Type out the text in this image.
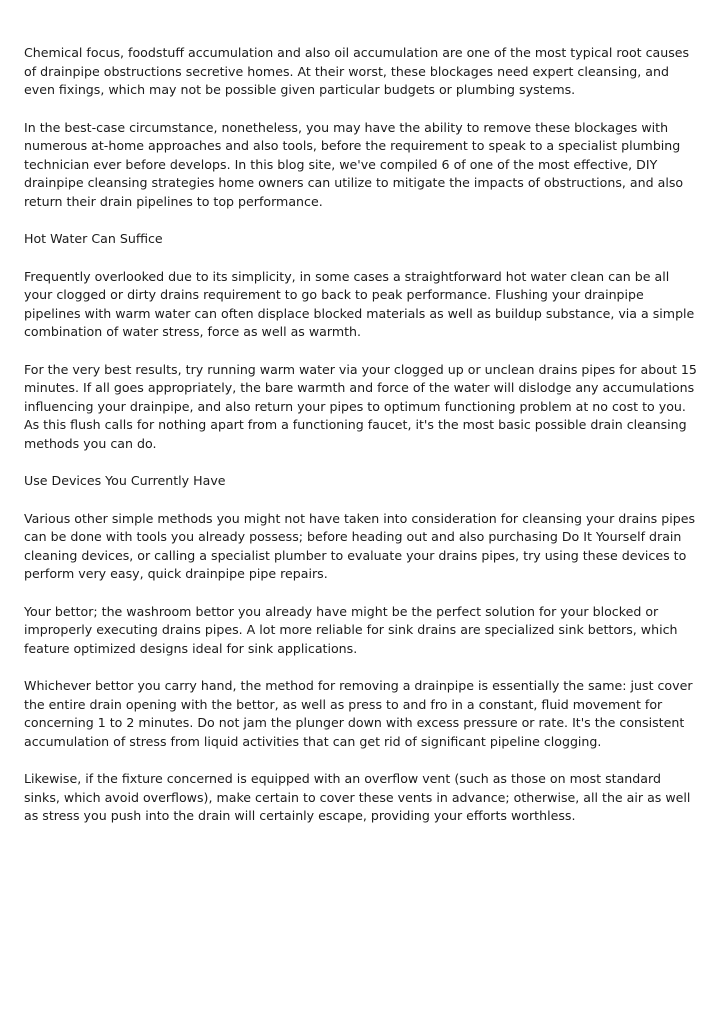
Chemical focus, foodstuff accumulation and also oil accumulation are one of the most typical root causes of drainpipe obstructions secretive homes. At their worst, these blockages need expert cleansing, and even fixings, which may not be possible given particular budgets or plumbing systems.

In the best-case circumstance, nonetheless, you may have the ability to remove these blockages with numerous at-home approaches and also tools, before the requirement to speak to a specialist plumbing technician ever before develops. In this blog site, we've compiled 6 of one of the most effective, DIY drainpipe cleansing strategies home owners can utilize to mitigate the impacts of obstructions, and also return their drain pipelines to top performance.

Hot Water Can Suffice

Frequently overlooked due to its simplicity, in some cases a straightforward hot water clean can be all your clogged or dirty drains requirement to go back to peak performance. Flushing your drainpipe pipelines with warm water can often displace blocked materials as well as buildup substance, via a simple combination of water stress, force as well as warmth.

For the very best results, try running warm water via your clogged up or unclean drains pipes for about 15 minutes. If all goes appropriately, the bare warmth and force of the water will dislodge any accumulations influencing your drainpipe, and also return your pipes to optimum functioning problem at no cost to you. As this flush calls for nothing apart from a functioning faucet, it's the most basic possible drain cleansing methods you can do.

Use Devices You Currently Have

Various other simple methods you might not have taken into consideration for cleansing your drains pipes can be done with tools you already possess; before heading out and also purchasing Do It Yourself drain cleaning devices, or calling a specialist plumber to evaluate your drains pipes, try using these devices to perform very easy, quick drainpipe pipe repairs.

Your bettor; the washroom bettor you already have might be the perfect solution for your blocked or improperly executing drains pipes. A lot more reliable for sink drains are specialized sink bettors, which feature optimized designs ideal for sink applications.

Whichever bettor you carry hand, the method for removing a drainpipe is essentially the same: just cover the entire drain opening with the bettor, as well as press to and fro in a constant, fluid movement for concerning 1 to 2 minutes. Do not jam the plunger down with excess pressure or rate. It's the consistent accumulation of stress from liquid activities that can get rid of significant pipeline clogging.

Likewise, if the fixture concerned is equipped with an overflow vent (such as those on most standard sinks, which avoid overflows), make certain to cover these vents in advance; otherwise, all the air as well as stress you push into the drain will certainly escape, providing your efforts worthless.
